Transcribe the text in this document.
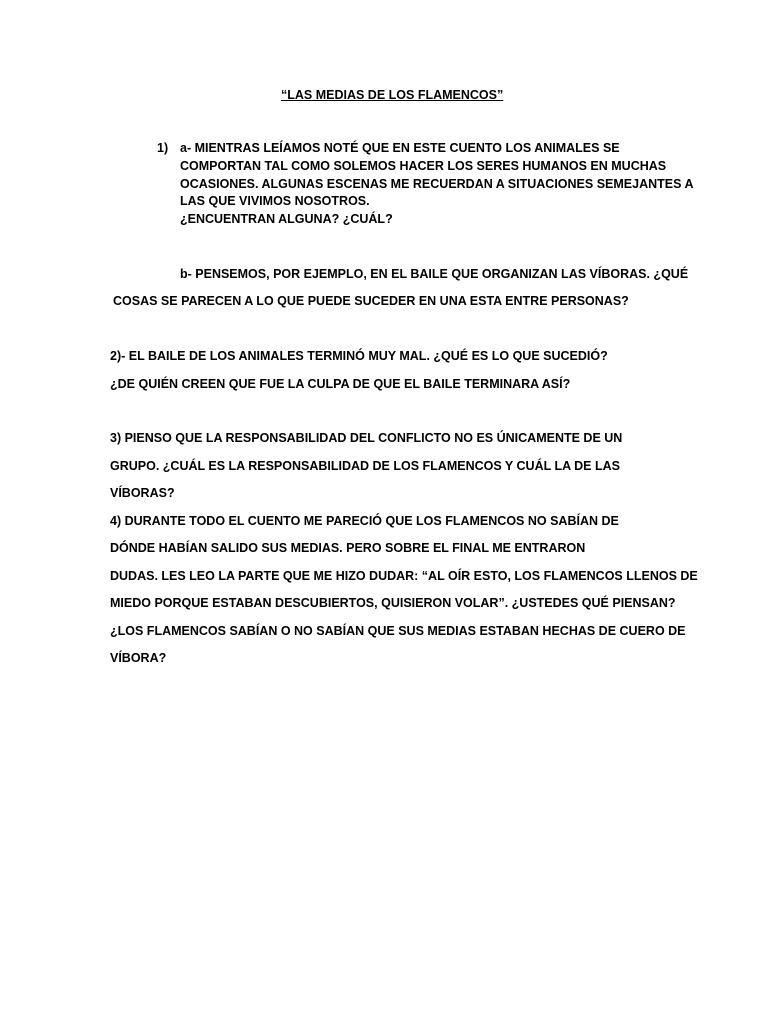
“LAS MEDIAS DE LOS FLAMENCOS”

1) a- MIENTRAS LEÍAMOS NOTÉ QUE EN ESTE CUENTO LOS ANIMALES SE

COMPORTAN TAL COMO SOLEMOS HACER LOS SERES HUMANOS EN MUCHAS

OCASIONES. ALGUNAS ESCENAS ME RECUERDAN A SITUACIONES SEMEJANTES A

LAS QUE VIVIMOS NOSOTROS.

¿ENCUENTRAN ALGUNA? ¿CUÁL?

b- PENSEMOS, POR EJEMPLO, EN EL BAILE QUE ORGANIZAN LAS VÍBORAS. ¿QUÉ

COSAS SE PARECEN A LO QUE PUEDE SUCEDER EN UNA ESTA ENTRE PERSONAS?

2)- EL BAILE DE LOS ANIMALES TERMINÓ MUY MAL. ¿QUÉ ES LO QUE SUCEDIÓ?

¿DE QUIÉN CREEN QUE FUE LA CULPA DE QUE EL BAILE TERMINARA ASÍ?

3) PIENSO QUE LA RESPONSABILIDAD DEL CONFLICTO NO ES ÚNICAMENTE DE UN

GRUPO. ¿CUÁL ES LA RESPONSABILIDAD DE LOS FLAMENCOS Y CUÁL LA DE LAS

VÍBORAS?

4) DURANTE TODO EL CUENTO ME PARECIÓ QUE LOS FLAMENCOS NO SABÍAN DE

DÓNDE HABÍAN SALIDO SUS MEDIAS. PERO SOBRE EL FINAL ME ENTRARON

DUDAS. LES LEO LA PARTE QUE ME HIZO DUDAR: “AL OÍR ESTO, LOS FLAMENCOS LLENOS DE

MIEDO PORQUE ESTABAN DESCUBIERTOS, QUISIERON VOLAR”. ¿USTEDES QUÉ PIENSAN?

¿LOS FLAMENCOS SABÍAN O NO SABÍAN QUE SUS MEDIAS ESTABAN HECHAS DE CUERO DE

VÍBORA?
